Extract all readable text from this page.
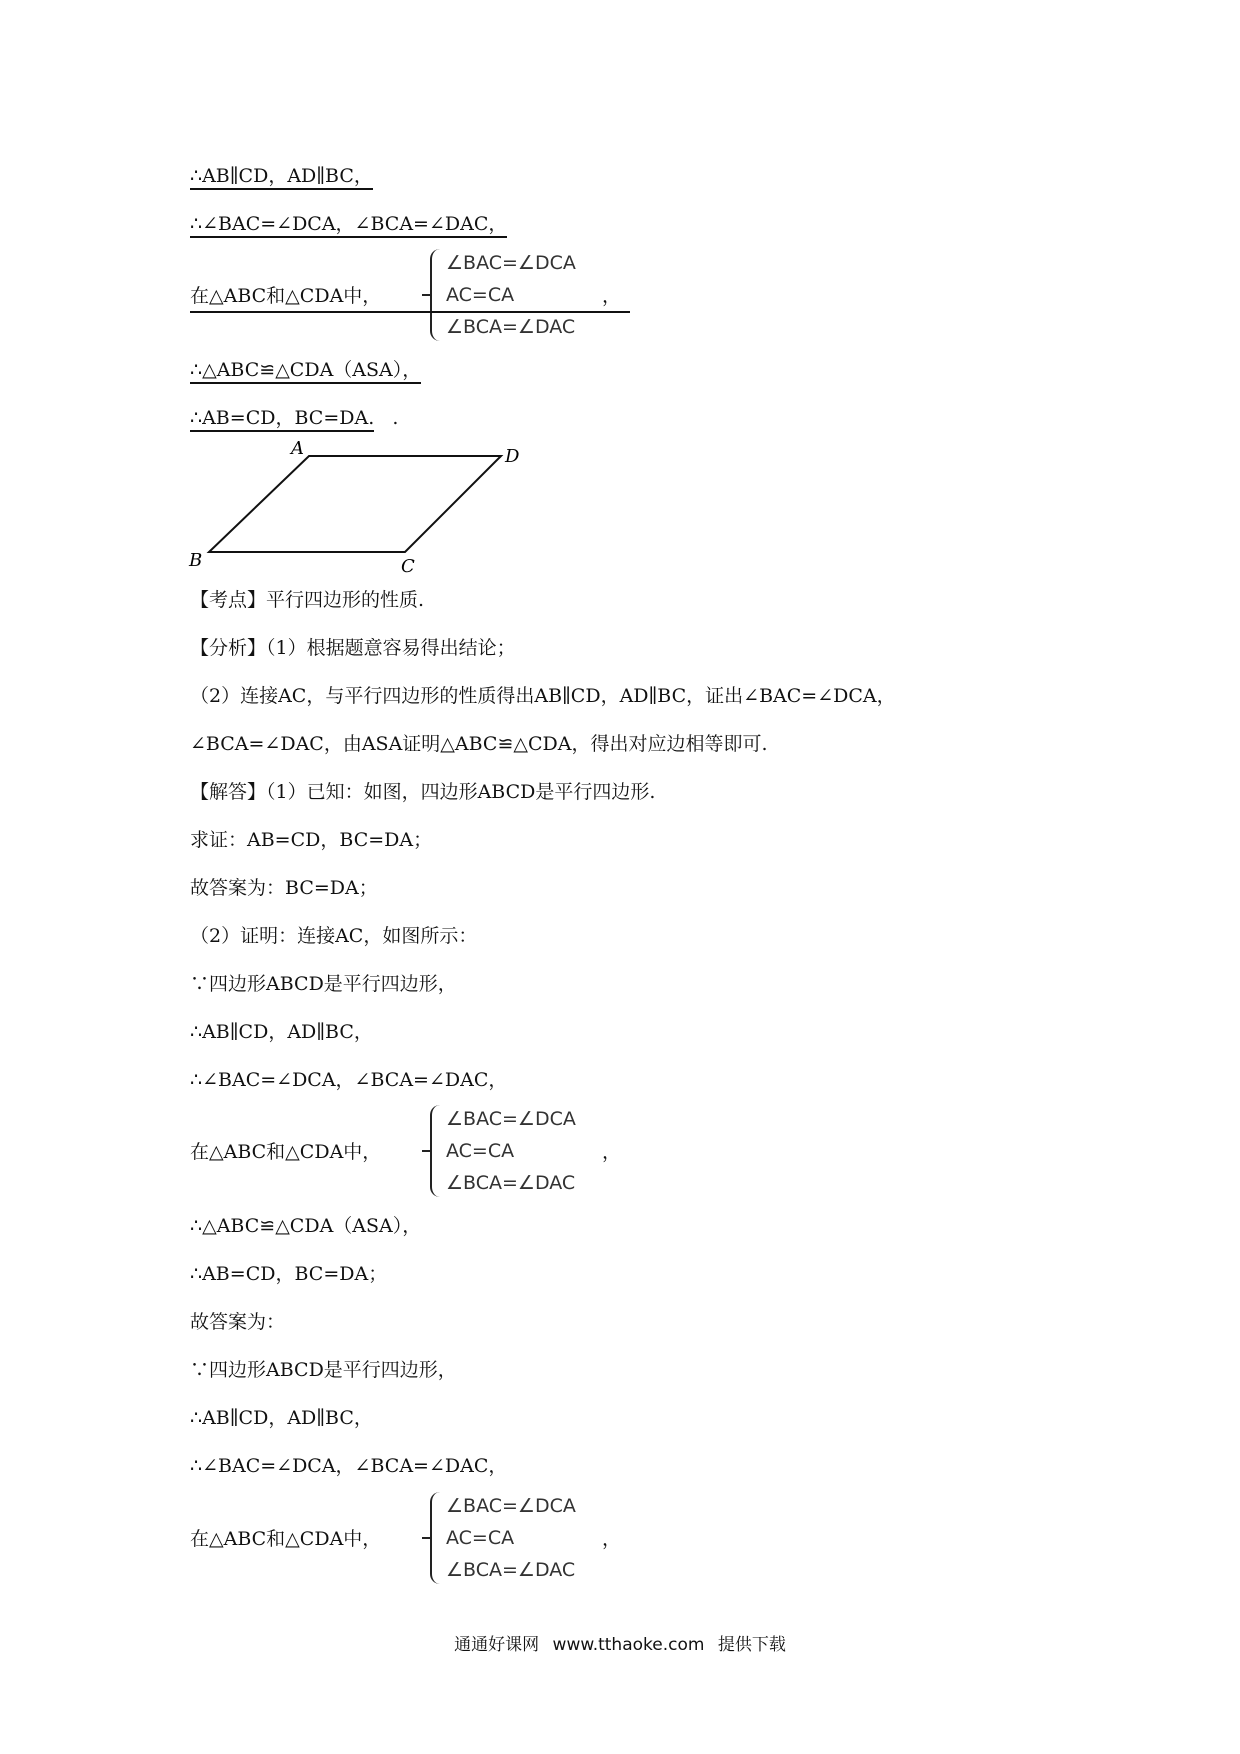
∴AB∥CD，AD∥BC，
∴∠BAC=∠DCA，∠BCA=∠DAC，
在△ABC和△CDA中，
∠BAC=∠DCA
AC=CA
∠BCA=∠DAC
，
∴△ABC≌△CDA（ASA），
∴AB=CD，BC=DA. .
A	D
B	C
【考点】平行四边形的性质.
【分析】（1）根据题意容易得出结论；
（2）连接AC，与平行四边形的性质得出AB∥CD，AD∥BC，证出∠BAC=∠DCA，
∠BCA=∠DAC，由ASA证明△ABC≌△CDA，得出对应边相等即可.
【解答】（1）已知：如图，四边形ABCD是平行四边形.
求证：AB=CD，BC=DA；
故答案为：BC=DA；
（2）证明：连接AC，如图所示：
∵四边形ABCD是平行四边形，
∴AB∥CD，AD∥BC，
∴∠BAC=∠DCA，∠BCA=∠DAC，
在△ABC和△CDA中，
∠BAC=∠DCA
AC=CA
∠BCA=∠DAC
，
∴△ABC≌△CDA（ASA），
∴AB=CD，BC=DA；
故答案为：
∵四边形ABCD是平行四边形，
∴AB∥CD，AD∥BC，
∴∠BAC=∠DCA，∠BCA=∠DAC，
在△ABC和△CDA中，
∠BAC=∠DCA
AC=CA
∠BCA=∠DAC
，
通通好课网 www.tthaoke.com 提供下载
